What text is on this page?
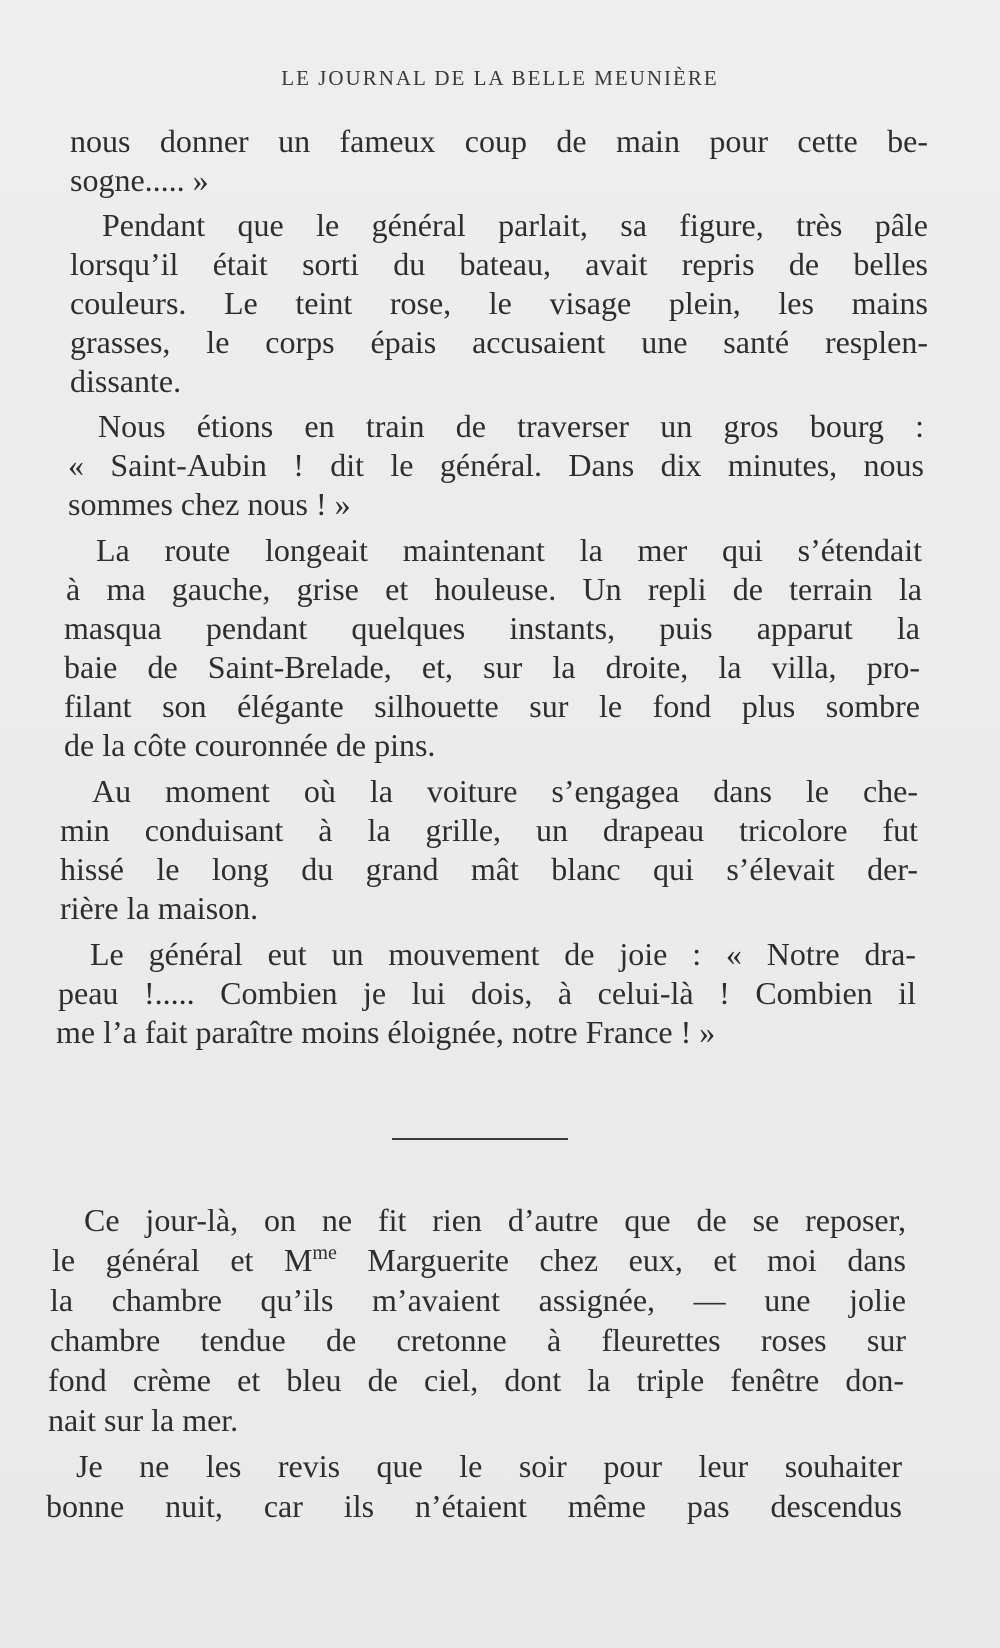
LE JOURNAL DE LA BELLE MEUNIÈRE
nous donner un fameux coup de main pour cette be-
sogne..... »
Pendant que le général parlait, sa figure, très pâle
lorsqu’il était sorti du bateau, avait repris de belles
couleurs. Le teint rose, le visage plein, les mains
grasses, le corps épais accusaient une santé resplen-
dissante.
Nous étions en train de traverser un gros bourg :
« Saint-Aubin ! dit le général. Dans dix minutes, nous
sommes chez nous ! »
La route longeait maintenant la mer qui s’étendait
à ma gauche, grise et houleuse. Un repli de terrain la
masqua pendant quelques instants, puis apparut la
baie de Saint-Brelade, et, sur la droite, la villa, pro-
filant son élégante silhouette sur le fond plus sombre
de la côte couronnée de pins.
Au moment où la voiture s’engagea dans le che-
min conduisant à la grille, un drapeau tricolore fut
hissé le long du grand mât blanc qui s’élevait der-
rière la maison.
Le général eut un mouvement de joie : « Notre dra-
peau !..... Combien je lui dois, à celui-là ! Combien il
me l’a fait paraître moins éloignée, notre France ! »
Ce jour-là, on ne fit rien d’autre que de se reposer,
le général et $M^{me}$ Marguerite chez eux, et moi dans
la chambre qu’ils m’avaient assignée, — une jolie
chambre tendue de cretonne à fleurettes roses sur
fond crème et bleu de ciel, dont la triple fenêtre don-
nait sur la mer.
Je ne les revis que le soir pour leur souhaiter
bonne nuit, car ils n’étaient même pas descendus
